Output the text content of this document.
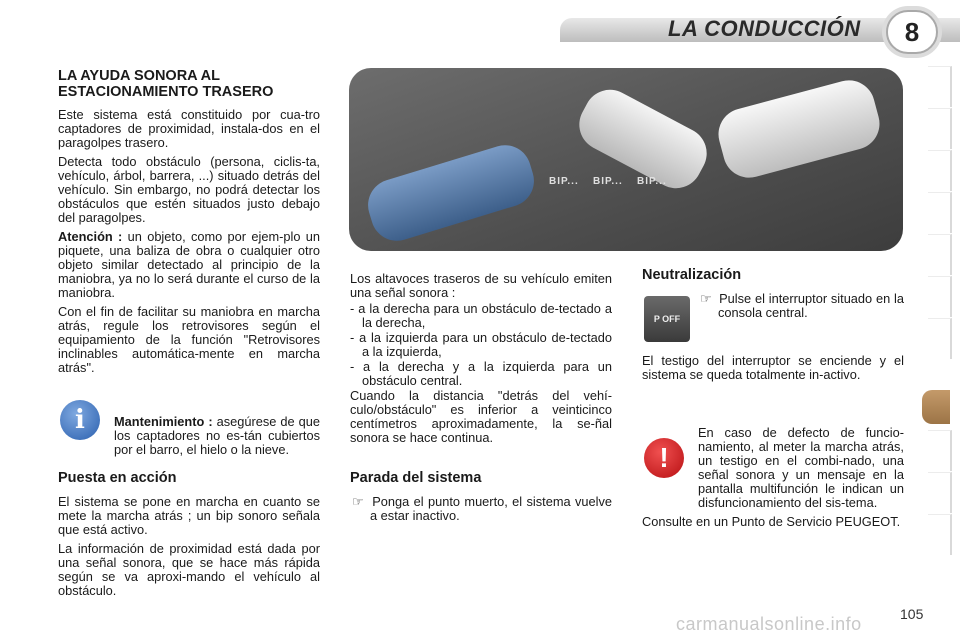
LA CONDUCCIÓN	8
LA AYUDA SONORA AL
ESTACIONAMIENTO TRASERO

Este sistema está constituido por cua-tro captadores de proximidad, instala-dos en el paragolpes trasero.

Detecta todo obstáculo (persona, ciclis-ta, vehículo, árbol, barrera, ...) situado detrás del vehículo. Sin embargo, no podrá detectar los obstáculos que estén situados justo debajo del paragolpes.

Atención : un objeto, como por ejem-plo un piquete, una baliza de obra o cualquier otro objeto similar detectado al principio de la maniobra, ya no lo será durante el curso de la maniobra.

Con el fin de facilitar su maniobra en marcha atrás, regule los retrovisores según el equipamiento de la función "Retrovisores inclinables automática-mente en marcha atrás".

Mantenimiento : asegúrese de que los captadores no es-tán cubiertos por el barro, el hielo o la nieve.
Puesta en acción

El sistema se pone en marcha en cuanto se mete la marcha atrás ; un bip sonoro señala que está activo.

La información de proximidad está dada por una señal sonora, que se hace más rápida según se va aproxi-mando el vehículo al obstáculo.

i
BIP... BIP... BIP...

Los altavoces traseros de su vehículo emiten una señal sonora :

- a la derecha para un obstáculo de-tectado a la derecha,

- a la izquierda para un obstáculo de-tectado a la izquierda,

- a la derecha y a la izquierda para un obstáculo central.

Cuando la distancia "detrás del vehí-culo/obstáculo" es inferior a veinticinco centímetros aproximadamente, la se-ñal sonora se hace continua.

Parada del sistema

☞ Ponga el punto muerto, el sistema vuelve a estar inactivo.

Neutralización

☞ Pulse el interruptor situado en la consola central.

El testigo del interruptor se enciende y el sistema se queda totalmente in-activo.

En caso de defecto de funcio-namiento, al meter la marcha atrás, un testigo en el combi-nado, una señal sonora y un mensaje en la pantalla multifunción le indican un disfuncionamiento del sis-tema.

Consulte en un Punto de Servicio PEUGEOT.

P OFF
!
105
carmanualsonline.info
